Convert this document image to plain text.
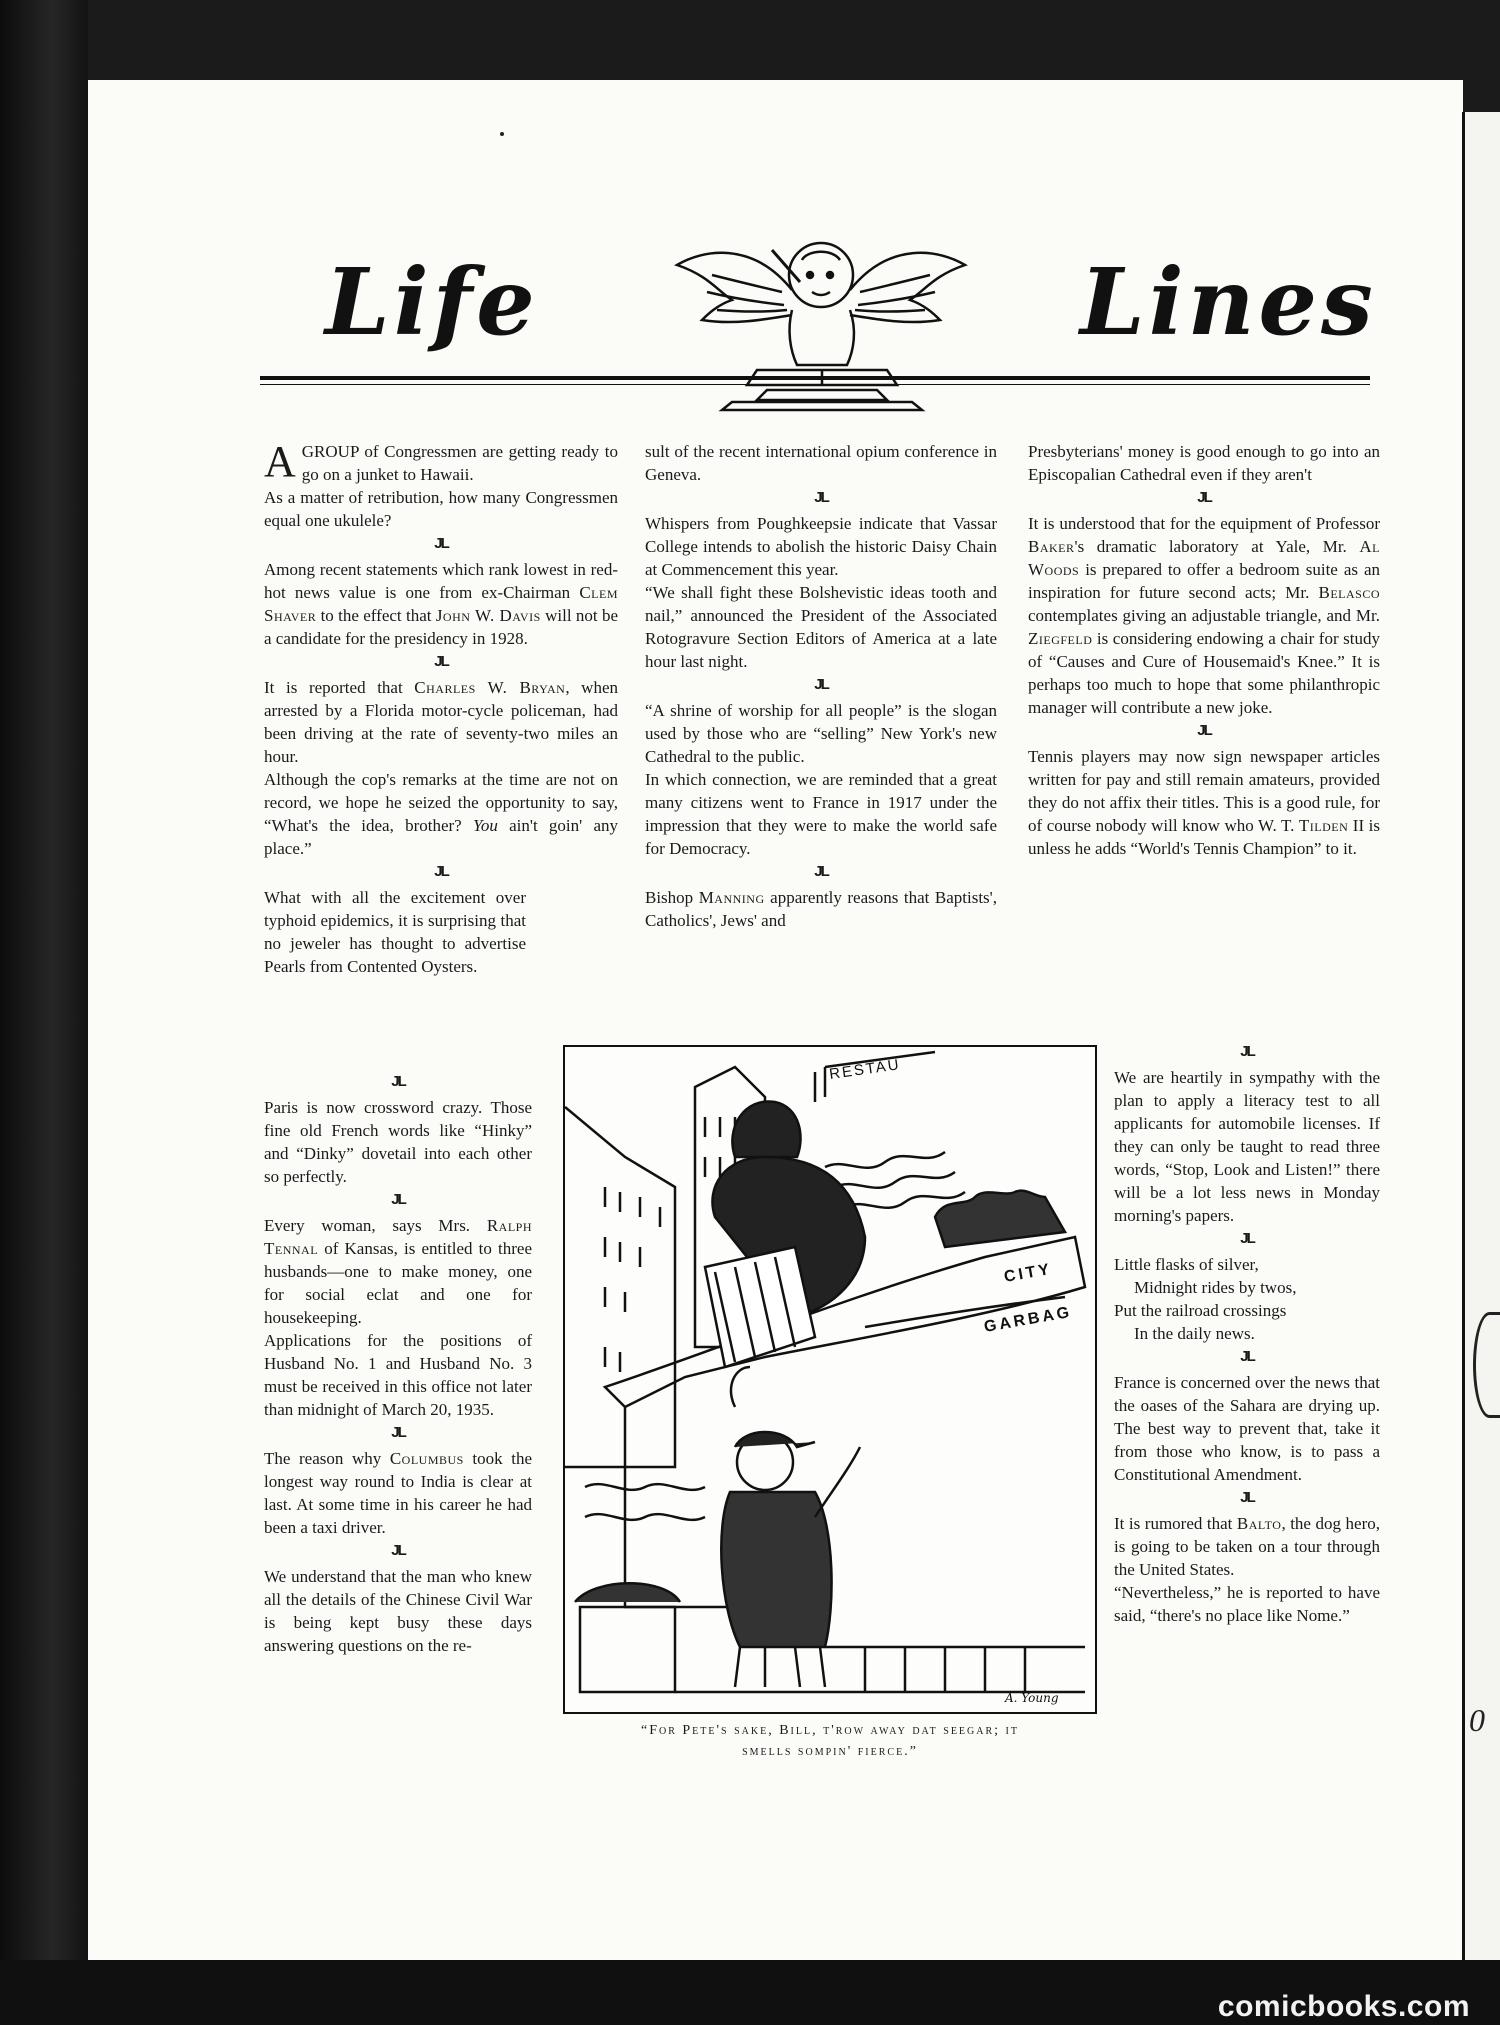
0
Life	Lines

AGROUP of Congressmen are getting ready to go on a junket to Hawaii.

As a matter of retribution, how many Congressmen equal one ukulele?

JL

Among recent statements which rank lowest in red-hot news value is one from ex-Chairman Clem Shaver to the effect that John W. Davis will not be a candidate for the presidency in 1928.

JL

It is reported that Charles W. Bryan, when arrested by a Florida motor-cycle policeman, had been driving at the rate of seventy-two miles an hour.

Although the cop's remarks at the time are not on record, we hope he seized the opportunity to say, “What's the idea, brother? You ain't goin' any place.”

JL

What with all the excitement over typhoid epidemics, it is surprising that no jeweler has thought to advertise Pearls from Contented Oysters.

JL

Paris is now crossword crazy. Those fine old French words like “Hinky” and “Dinky” dovetail into each other so perfectly.

JL

Every woman, says Mrs. Ralph Tennal of Kansas, is entitled to three husbands—one to make money, one for social eclat and one for housekeeping.

Applications for the positions of Husband No. 1 and Husband No. 3 must be received in this office not later than midnight of March 20, 1935.

JL

The reason why Columbus took the longest way round to India is clear at last. At some time in his career he had been a taxi driver.

JL

We understand that the man who knew all the details of the Chinese Civil War is being kept busy these days answering questions on the re-

sult of the recent international opium conference in Geneva.

JL

Whispers from Poughkeepsie indicate that Vassar College intends to abolish the historic Daisy Chain at Commencement this year.

“We shall fight these Bolshevistic ideas tooth and nail,” announced the President of the Associated Rotogravure Section Editors of America at a late hour last night.

JL

“A shrine of worship for all people” is the slogan used by those who are “selling” New York's new Cathedral to the public.

In which connection, we are reminded that a great many citizens went to France in 1917 under the impression that they were to make the world safe for Democracy.

JL

Bishop Manning apparently reasons that Baptists', Catholics', Jews' and

Presbyterians' money is good enough to go into an Episcopalian Cathedral even if they aren't

JL

It is understood that for the equipment of Professor Baker's dramatic laboratory at Yale, Mr. Al Woods is prepared to offer a bedroom suite as an inspiration for future second acts; Mr. Belasco contemplates giving an adjustable triangle, and Mr. Ziegfeld is considering endowing a chair for study of “Causes and Cure of Housemaid's Knee.” It is perhaps too much to hope that some philanthropic manager will contribute a new joke.

JL

Tennis players may now sign newspaper articles written for pay and still remain amateurs, provided they do not affix their titles. This is a good rule, for of course nobody will know who W. T. Tilden II is unless he adds “World's Tennis Champion” to it.

JL

We are heartily in sympathy with the plan to apply a literacy test to all applicants for automobile licenses. If they can only be taught to read three words, “Stop, Look and Listen!” there will be a lot less news in Monday morning's papers.

JL

Little flasks of silver,

Midnight rides by twos,

Put the railroad crossings

In the daily news.

JL

France is concerned over the news that the oases of the Sahara are drying up. The best way to prevent that, take it from those who know, is to pass a Constitutional Amendment.

JL

It is rumored that Balto, the dog hero, is going to be taken on a tour through the United States.

“Nevertheless,” he is reported to have said, “there's no place like Nome.”

RESTAU
CITY
GARBAG
A. Young
“For Pete's sake, Bill, t'row away dat seegar; it
smells sompin' fierce.”
comicbooks.com
